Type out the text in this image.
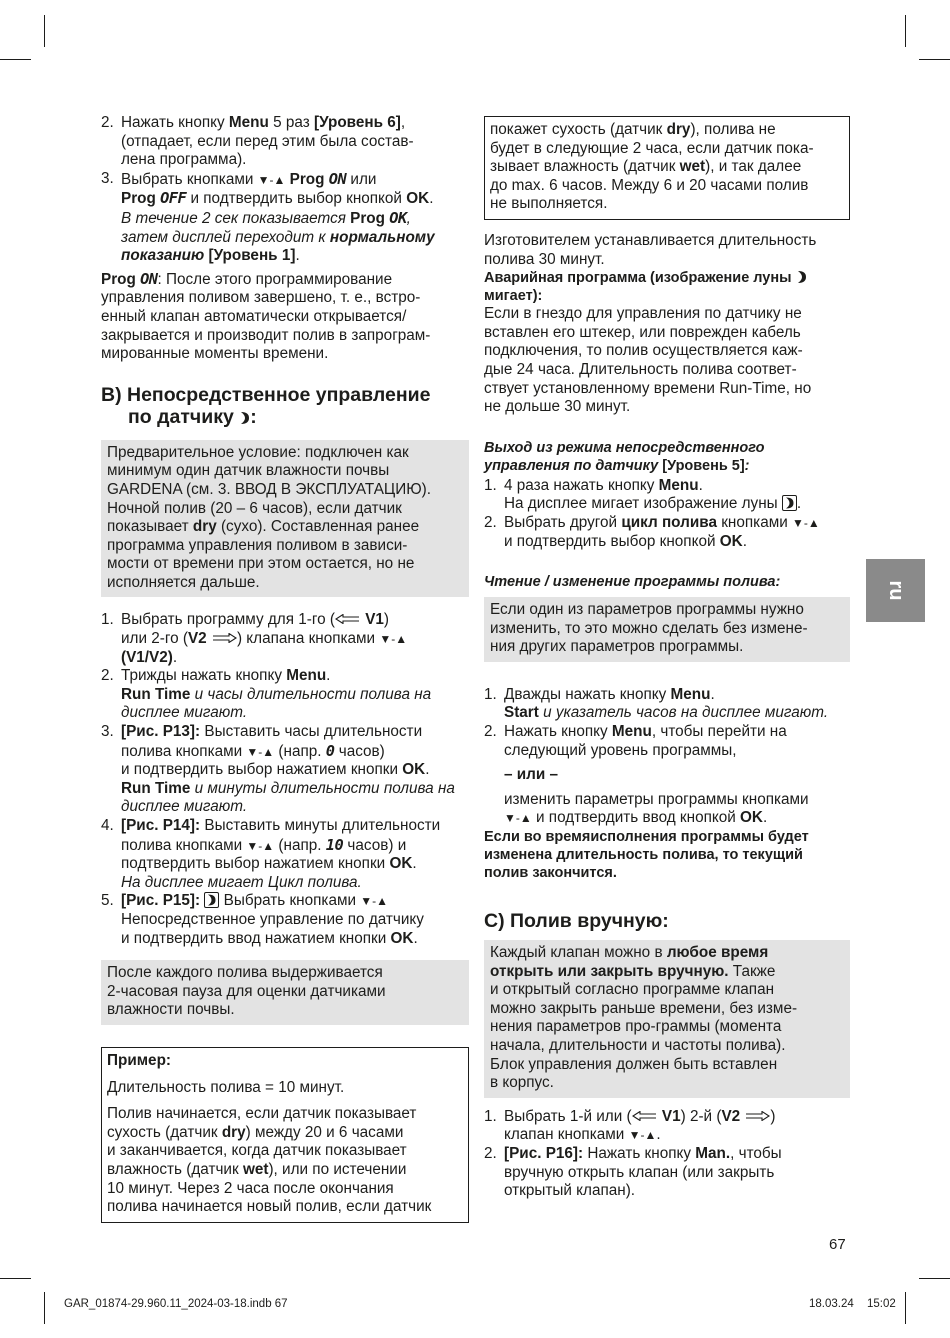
2. Нажать кнопку Menu 5 раз [Уровень 6],
(отпадает, если перед этим была состав-
лена программа).
3. Выбрать кнопками ▼-▲ Prog ON или
Prog OFF и подтвердить выбор кнопкой OK.
В течение 2 сек показывается Prog OK,
затем дисплей переходит к нормальному
показанию [Уровень 1].

Prog ON: После этого программирование
управления поливом завершено, т. е., встро-
енный клапан автоматически открывается/
закрывается и производит полив в запрограм-
мированные моменты времени.

B) Непосредственное управление
по датчику :

Предварительное условие: подключен как
минимум один датчик влажности почвы
GARDENA (см. 3. ВВОД В ЭКСПЛУАТАЦИЮ).
Ночной полив (20 – 6 часов), если датчик
показывает dry (сухо). Составленная ранее
программа управления поливом в зависи-
мости от времени при этом остается, но не
исполняется дальше.

1. Выбрать программу для 1-го ( V1)
или 2-го (V2 ) клапана кнопками ▼-▲
(V1/V2).
2. Трижды нажать кнопку Menu.
Run Time и часы длительности полива на
дисплее мигают.
3. [Рис. P13]: Выставить часы длительности
полива кнопками ▼-▲ (напр. 0 часов)
и подтвердить выбор нажатием кнопки OK.
Run Time и минуты длительности полива на
дисплее мигают.
4. [Рис. P14]: Выставить минуты длительности
полива кнопками ▼-▲ (напр. 10 часов) и
подтвердить выбор нажатием кнопки OK.
На дисплее мигает Цикл полива.
5. [Рис. P15]:
Выбрать кнопками ▼-▲
Непосредственное управление по датчику
и подтвердить ввод нажатием кнопки OK.

После каждого полива выдерживается
2-часовая пауза для оценки датчиками
влажности почвы.

Пример:

Длительность полива = 10 минут.

Полив начинается, если датчик показывает
сухость (датчик dry) между 20 и 6 часами
и заканчивается, когда датчик показывает
влажность (датчик wet), или по истечении
10 минут. Через 2 часа после окончания
полива начинается новый полив, если датчик

покажет сухость (датчик dry), полива не
будет в следующие 2 часа, если датчик пока-
зывает влажность (датчик wet), и так далее
до max. 6 часов. Между 6 и 20 часами полив
не выполняется.

Изготовителем устанавливается длительность
полива 30 минут.

Аварийная программа (изображение луны
мигает):

Если в гнездо для управления по датчику не
вставлен его штекер, или поврежден кабель
подключения, то полив осуществляется каж-
дые 24 часа. Длительность полива соответ-
ствует установленному времени Run-Time, но
не дольше 30 минут.

Выход из режима непосредственного
управления по датчику [Уровень 5]:

1. 4 раза нажать кнопку Menu.
На дисплее мигает изображение луны
.
2. Выбрать другой цикл полива кнопками ▼-▲
и подтвердить выбор кнопкой OK.

Чтение / изменение программы полива:

Если один из параметров программы нужно
изменить, то это можно сделать без измене-
ния других параметров программы.

1. Дважды нажать кнопку Menu.
Start и указатель часов на дисплее мигают.
2. Нажать кнопку Menu, чтобы перейти на
следующий уровень программы,
– или –
изменить параметры программы кнопками
▼-▲ и подтвердить ввод кнопкой OK.

Если во времяисполнения программы будет
изменена длительность полива, то текущий
полив закончится.

C) Полив вручную:

Каждый клапан можно в любое время
открыть или закрыть вручную. Также
и открытый согласно программе клапан
можно закрыть раньше времени, без изме-
нения параметров про-граммы (момента
начала, длительности и частоты полива).
Блок управления должен быть вставлен
в корпус.

1. Выбрать 1-й или ( V1) 2-й (V2 )
клапан кнопками ▼-▲.
2. [Рис. P16]: Нажать кнопку Man., чтобы
вручную открыть клапан (или закрыть
открытый клапан).
ru
67
GAR_01874-29.960.11_2024-03-18.indb 67	18.03.24 15:02
